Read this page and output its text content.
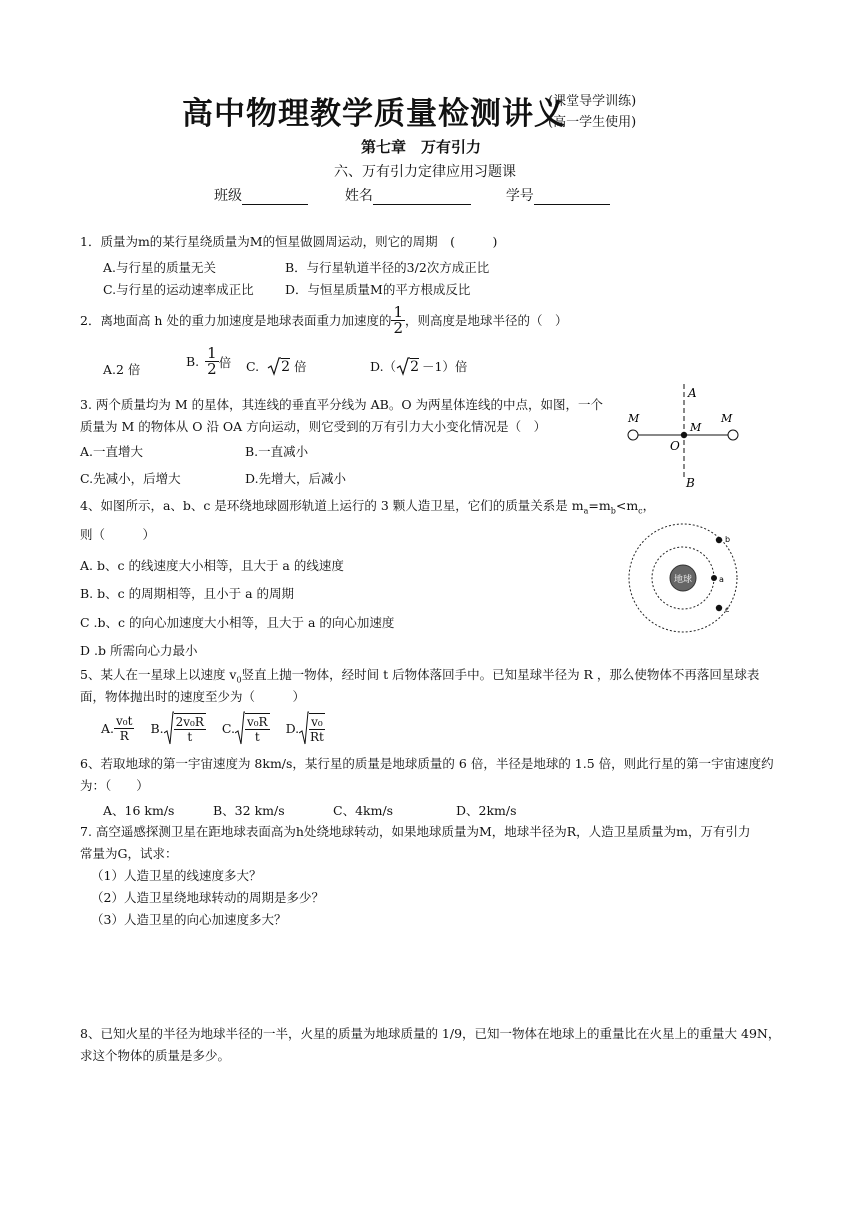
高中物理教学质量检测讲义
(课堂导学训练)
(高一学生使用)
第七章　万有引力
六、万有引力定律应用习题课
班级	姓名	学号
1．质量为m的某行星绕质量为M的恒星做圆周运动，则它的周期　(　　　)
A.与行星的质量无关	B．与行星轨道半径的3/2次方成正比
C.与行星的运动速率成正比	D．与恒星质量M的平方根成反比
2．离地面高 h 处的重力加速度是地球表面重力加速度的 $\frac{1}{2}$ ，则高度是地球半径的（　）
A.2 倍
B. $\frac{1}{2}$ 倍 C. 2 倍	D.（ 2 －1）倍
3. 两个质量均为 M 的星体，其连线的垂直平分线为 AB。O 为两星体连线的中点，如图，一个
质量为 M 的物体从 O 沿 OA 方向运动，则它受到的万有引力大小变化情况是（　）
A.一直增大	B.一直减小
C.先减小，后增大	D.先增大，后减小
A
B
O
M
M
M
4、如图所示，a、b、c 是环绕地球圆形轨道上运行的 3 颗人造卫星，它们的质量关系是 $m_a=m_b<m_c$，
则（　　　）
A. b、c 的线速度大小相等，且大于 a 的线速度
B. b、c 的周期相等，且小于 a 的周期
C .b、c 的向心加速度大小相等，且大于 a 的向心加速度
D .b 所需向心力最小
地球	a
b
c
5、某人在一星球上以速度 $v_0$竖直上抛一物体，经时间 t 后物体落回手中。已知星球半径为 R ，那么使物体不再落回星球表
面，物体抛出时的速度至少为（　　　）
A. $\frac{\text{v₀t}}{R} B$. $\frac{\text{2v₀R}}{t} C$. $\frac{\text{v₀R}}{t} D$. $\frac{\text{v₀}}{Rt}$
6、若取地球的第一宇宙速度为 8km/s，某行星的质量是地球质量的 6 倍，半径是地球的 1.5 倍，则此行星的第一宇宙速度约
为：（　　）
A、16 km/s	B、32 km/s	C、4km/s	D、2km/s
7. 高空遥感探测卫星在距地球表面高为h处绕地球转动，如果地球质量为M，地球半径为R，人造卫星质量为m，万有引力
常量为G，试求：
（1）人造卫星的线速度多大？
（2）人造卫星绕地球转动的周期是多少？
（3）人造卫星的向心加速度多大？
8、已知火星的半径为地球半径的一半，火星的质量为地球质量的 1/9，已知一物体在地球上的重量比在火星上的重量大 49N，
求这个物体的质量是多少。
